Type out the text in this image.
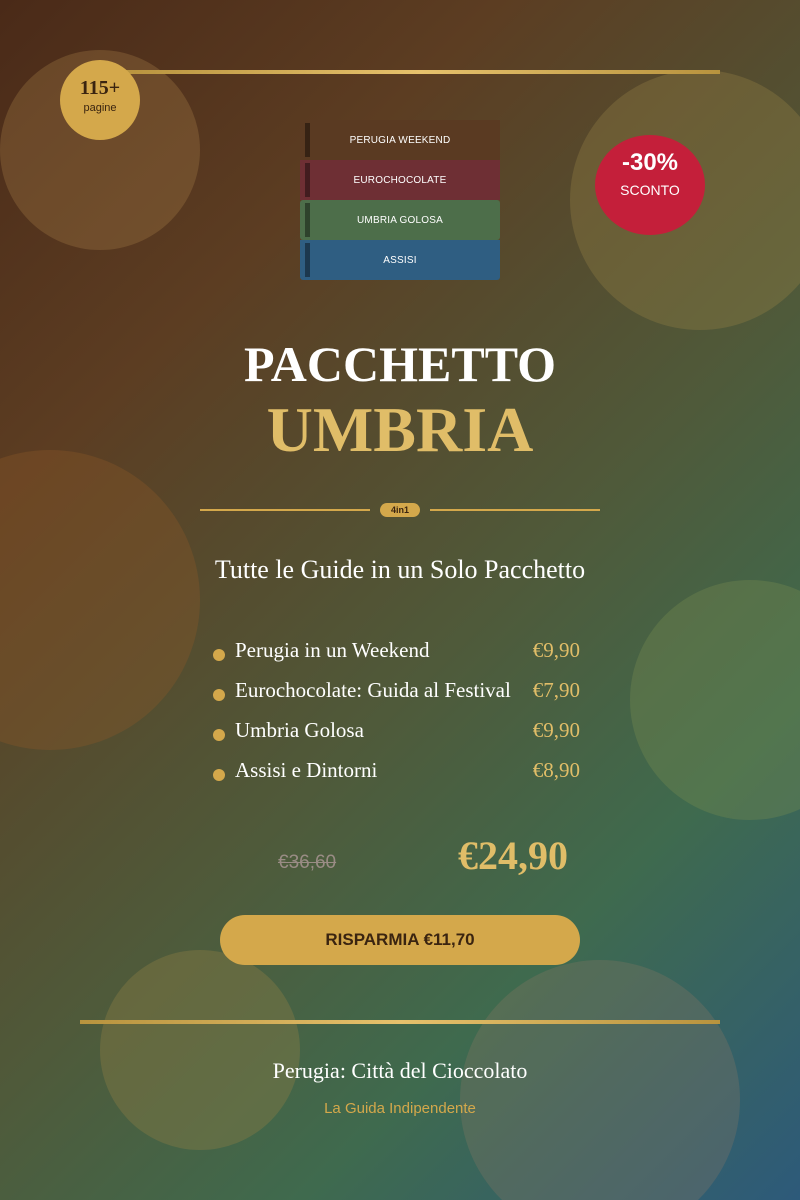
115+
pagine
PERUGIA WEEKEND
EUROCHOCOLATE
UMBRIA GOLOSA
ASSISI
-30%
SCONTO
PACCHETTO
UMBRIA
4in1
Tutte le Guide in un Solo Pacchetto
Perugia in un Weekend	€9,90
Eurochocolate: Guida al Festival €7,90
Umbria Golosa	€9,90
Assisi e Dintorni	€8,90
€36,60	€24,90
RISPARMIA €11,70
Perugia: Città del Cioccolato
La Guida Indipendente
